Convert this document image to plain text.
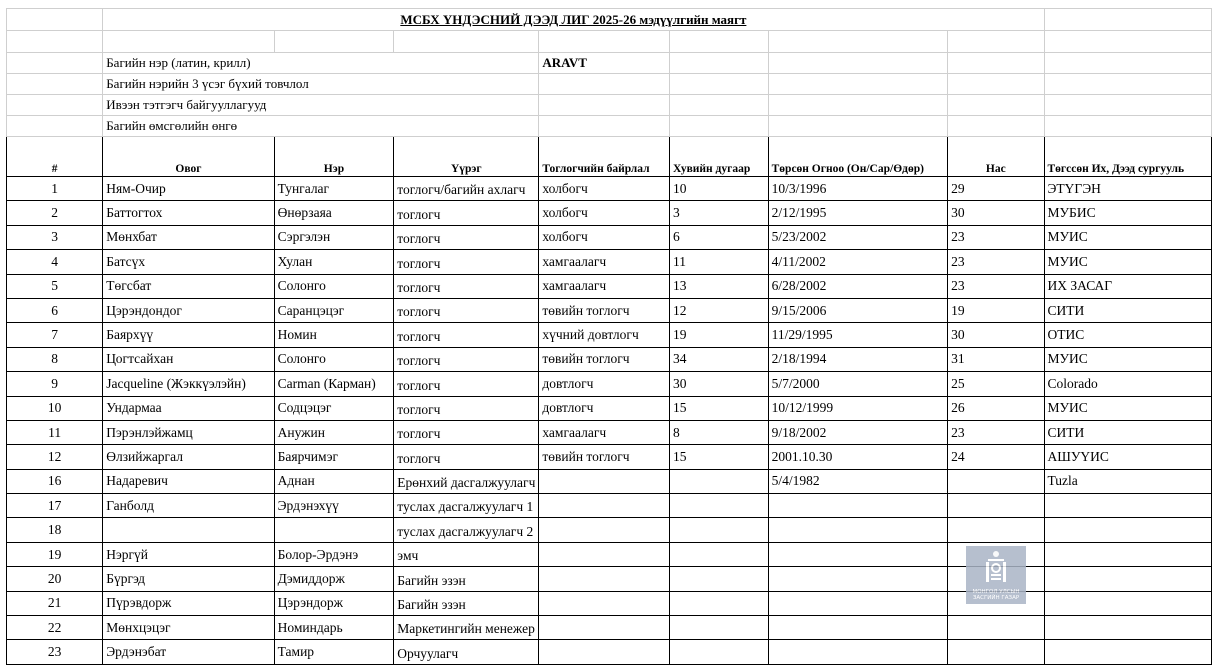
	МСБХ ҮНДЭСНИЙ ДЭЭД ЛИГ 2025-26 мэдүүлгийн маягт							

	Багийн нэр (латин, крилл)			ARAVT				
	Багийн нэрийн 3 үсэг бүхий товчлол							
	Ивээн тэтгэгч байгууллагууд							
	Багийн өмсгөлийн өнгө							
#	Овог	Нэр	Үүрэг	Тоглогчийн байрлал	Хувийн дугаар	Төрсөн Огноо (Он/Сар/Өдөр)	Нас	Төгссөн Их, Дээд сургууль
1	Ням-Очир	Тунгалаг	тоглогч/багийн ахлагч	холбогч	10	10/3/1996	29	ЭТҮГЭН
2	Баттогтох	Өнөрзаяа	тоглогч	холбогч	3	2/12/1995	30	МУБИС
3	Мөнхбат	Сэргэлэн	тоглогч	холбогч	6	5/23/2002	23	МУИС
4	Батсүх	Хулан	тоглогч	хамгаалагч	11	4/11/2002	23	МУИС
5	Төгсбат	Солонго	тоглогч	хамгаалагч	13	6/28/2002	23	ИХ ЗАСАГ
6	Цэрэндондог	Саранцэцэг	тоглогч	төвийн тоглогч	12	9/15/2006	19	СИТИ
7	Баярхүү	Номин	тоглогч	хүчний довтлогч	19	11/29/1995	30	ОТИС
8	Цогтсайхан	Солонго	тоглогч	төвийн тоглогч	34	2/18/1994	31	МУИС
9	Jacqueline (Жэккүэлэйн)	Carman (Карман)	тоглогч	довтлогч	30	5/7/2000	25	Colorado
10	Ундармаа	Содцэцэг	тоглогч	довтлогч	15	10/12/1999	26	МУИС
11	Пэрэнлэйжамц	Анужин	тоглогч	хамгаалагч	8	9/18/2002	23	СИТИ
12	Өлзийжаргал	Баярчимэг	тоглогч	төвийн тоглогч	15	2001.10.30	24	АШУҮИС
16	Надаревич	Аднан	Ерөнхий дасгалжуулагч			5/4/1982		Tuzla
17	Ганболд	Эрдэнэхүү	туслах дасгалжуулагч 1					
18			туслах дасгалжуулагч 2					
19	Нэргүй	Болор-Эрдэнэ	эмч					
20	Бүргэд	Дэмиддорж	Багийн эзэн					
21	Пүрэвдорж	Цэрэндорж	Багийн эзэн					
22	Мөнхцэцэг	Номиндарь	Маркетингийн менежер					
23	Эрдэнэбат	Тамир	Орчуулагч					
МОНГОЛ УЛСЫН ЗАСГИЙН ГАЗАР
